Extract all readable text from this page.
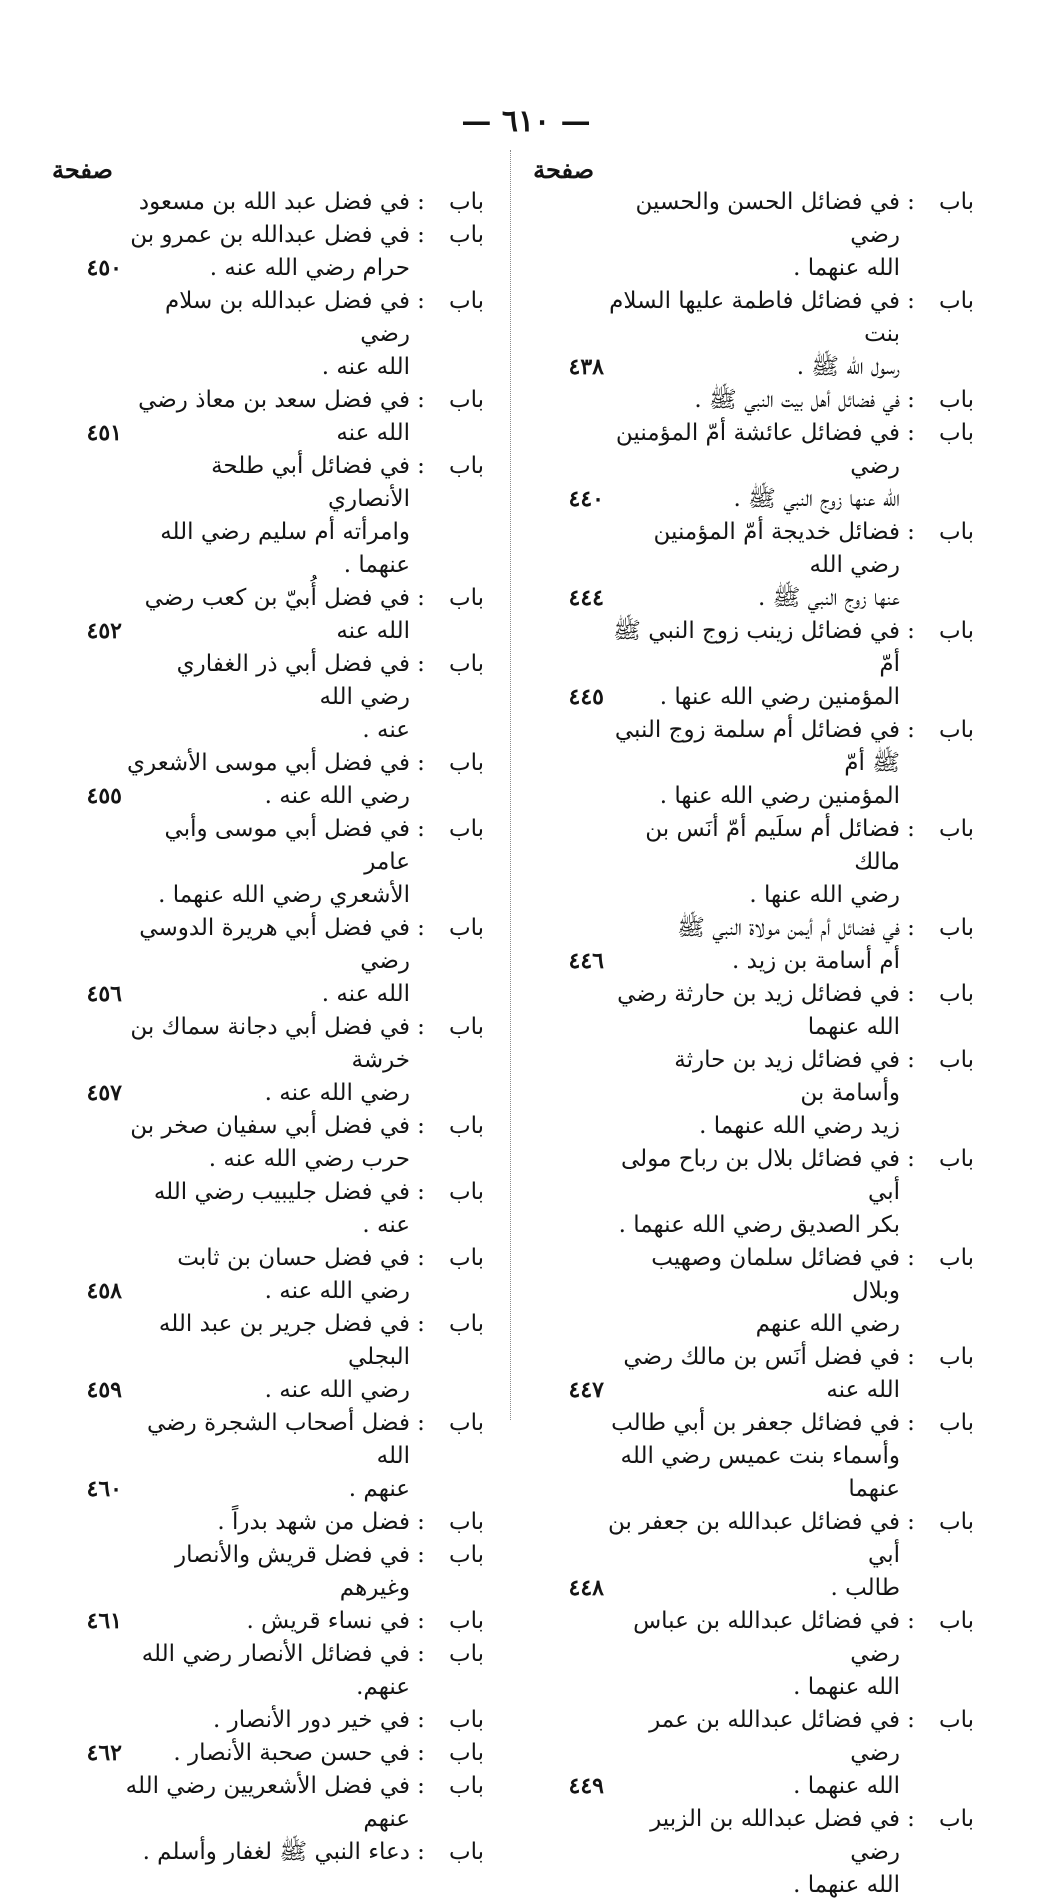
— ٦١٠ —
صفحة
صفحة
باب
:
في فضائل الحسن والحسين رضي
الله عنهما .
باب
:
في فضائل فاطمة عليها السلام بنت
رسول الله ﷺ .
٤٣٨
باب
:
في فضائل أهل بيت النبي ﷺ .
باب
:
في فضائل عائشة أمّ المؤمنين رضي
الله عنها زوج النبي ﷺ .
٤٤٠
باب
:
فضائل خديجة أمّ المؤمنين رضي الله
عنها زوج النبي ﷺ .
٤٤٤
باب
:
في فضائل زينب زوج النبي ﷺ أمّ
المؤمنين رضي الله عنها .
٤٤٥
باب
:
في فضائل أم سلمة زوج النبي ﷺ أمّ
المؤمنين رضي الله عنها .
باب
:
فضائل أم سلَيم أمّ أنَس بن مالك
رضي الله عنها .
باب
:
في فضائل أم أيمن مولاة النبي ﷺ
أم أسامة بن زيد .
٤٤٦
باب
:
في فضائل زيد بن حارثة رضي الله عنهما
باب
:
في فضائل زيد بن حارثة وأسامة بن
زيد رضي الله عنهما .
باب
:
في فضائل بلال بن رباح مولى أبي
بكر الصديق رضي الله عنهما .
باب
:
في فضائل سلمان وصهيب وبلال
رضي الله عنهم
باب
:
في فضل أنَس بن مالك رضي الله عنه
٤٤٧
باب
:
في فضائل جعفر بن أبي طالب
وأسماء بنت عميس رضي الله عنهما
باب
:
في فضائل عبدالله بن جعفر بن أبي
طالب .
٤٤٨
باب
:
في فضائل عبدالله بن عباس رضي
الله عنهما .
باب
:
في فضائل عبدالله بن عمر رضي
الله عنهما .
٤٤٩
باب
:
في فضل عبدالله بن الزبير رضي
الله عنهما .
باب
:
في فضل عبد الله بن مسعود
باب
:
في فضل عبدالله بن عمرو بن
حرام رضي الله عنه .
٤٥٠
باب
:
في فضل عبدالله بن سلام رضي
الله عنه .
باب
:
في فضل سعد بن معاذ رضي الله عنه
٤٥١
باب
:
في فضائل أبي طلحة الأنصاري
وامرأته أم سليم رضي الله عنهما .
باب
:
في فضل أُبيّ بن كعب رضي الله عنه
٤٥٢
باب
:
في فضل أبي ذر الغفاري رضي الله
عنه .
باب
:
في فضل أبي موسى الأشعري
رضي الله عنه .
٤٥٥
باب
:
في فضل أبي موسى وأبي عامر
الأشعري رضي الله عنهما .
باب
:
في فضل أبي هريرة الدوسي رضي
الله عنه .
٤٥٦
باب
:
في فضل أبي دجانة سماك بن خرشة
رضي الله عنه .
٤٥٧
باب
:
في فضل أبي سفيان صخر بن
حرب رضي الله عنه .
باب
:
في فضل جليبيب رضي الله عنه .
باب
:
في فضل حسان بن ثابت رضي الله عنه .
٤٥٨
باب
:
في فضل جرير بن عبد الله البجلي
رضي الله عنه .
٤٥٩
باب
:
فضل أصحاب الشجرة رضي الله
عنهم .
٤٦٠
باب
:
فضل من شهد بدراً .
باب
:
في فضل قريش والأنصار وغيرهم
باب
:
في نساء قريش .
٤٦١
باب
:
في فضائل الأنصار رضي الله عنهم.
باب
:
في خير دور الأنصار .
باب
:
في حسن صحبة الأنصار .
٤٦٢
باب
:
في فضل الأشعريين رضي الله عنهم
باب
:
دعاء النبي ﷺ لغفار وأسلم .
